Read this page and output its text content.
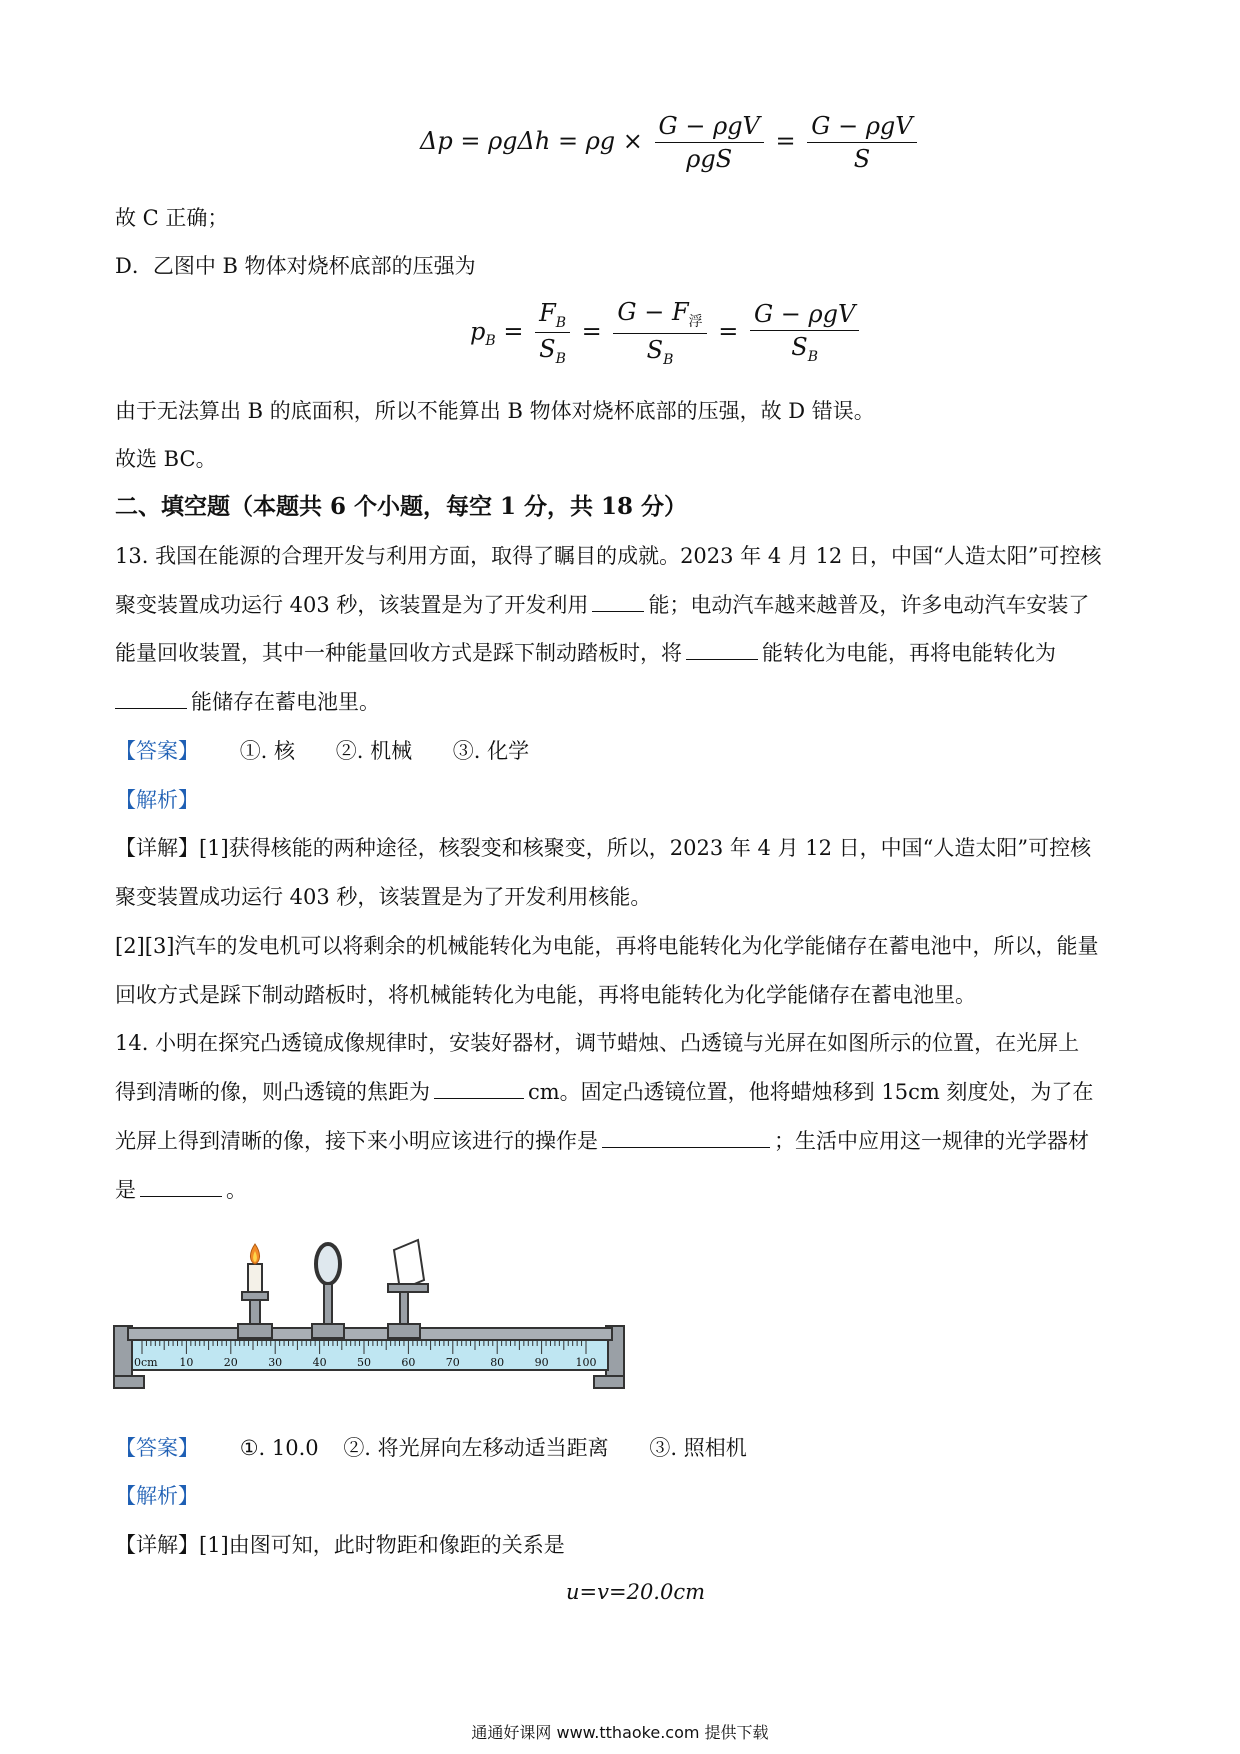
$\Delta p = \rho g\Delta h = \rho g \times \frac{\text{G − ρgV}}{\text{ρgS}} = \frac{\text{G − ρgV}}{S}$
故 C 正确；
D．乙图中 B 物体对烧杯底部的压强为
$p_B = \frac{F_B}{S_B} = \frac{G - F_浮}{S_B} = \frac{\text{G − ρgV}}{S_B}$
由于无法算出 B 的底面积，所以不能算出 B 物体对烧杯底部的压强，故 D 错误。
故选 BC。
二、填空题（本题共 6 个小题，每空 1 分，共 18 分）
13. 我国在能源的合理开发与利用方面，取得了瞩目的成就。2023 年 4 月 12 日，中国“人造太阳”可控核
聚变装置成功运行 403 秒，该装置是为了开发利用	能；电动汽车越来越普及，许多电动汽车安装了
能量回收装置，其中一种能量回收方式是踩下制动踏板时，将	能转化为电能，再将电能转化为
能储存在蓄电池里。
【答案】 ①. 核 ②. 机械 ③. 化学
【解析】
【详解】[1]获得核能的两种途径，核裂变和核聚变，所以，2023 年 4 月 12 日，中国“人造太阳”可控核
聚变装置成功运行 403 秒，该装置是为了开发利用核能。
[2][3]汽车的发电机可以将剩余的机械能转化为电能，再将电能转化为化学能储存在蓄电池中，所以，能量
回收方式是踩下制动踏板时，将机械能转化为电能，再将电能转化为化学能储存在蓄电池里。
14. 小明在探究凸透镜成像规律时，安装好器材，调节蜡烛、凸透镜与光屏在如图所示的位置，在光屏上
得到清晰的像，则凸透镜的焦距为	cm。固定凸透镜位置，他将蜡烛移到 15cm 刻度处，为了在
光屏上得到清晰的像，接下来小明应该进行的操作是	；生活中应用这一规律的光学器材
是	。
0cm 10	20	30	40	50	60	70	80	90 100
【答案】 ①. 10.0 ②. 将光屏向左移动适当距离 ③. 照相机
【解析】
【详解】[1]由图可知，此时物距和像距的关系是
u=v=20.0cm
通通好课网 www.tthaoke.com 提供下载
